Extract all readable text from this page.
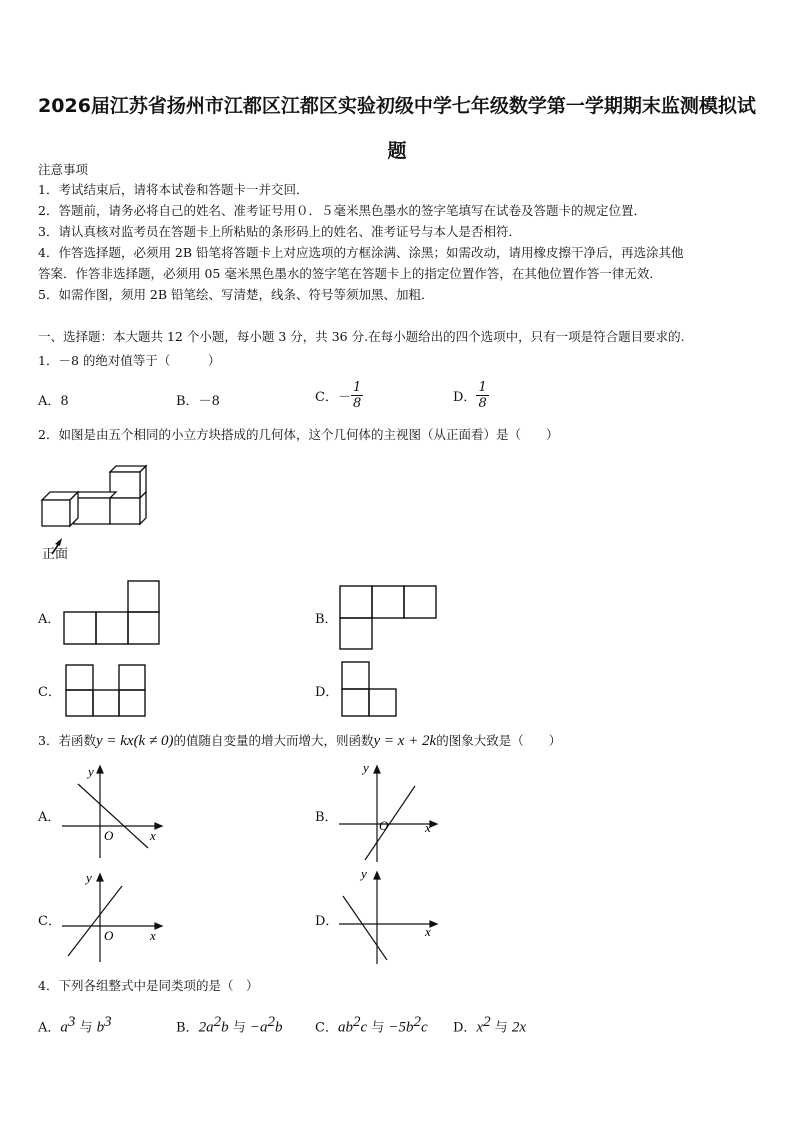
2026届江苏省扬州市江都区江都区实验初级中学七年级数学第一学期期末监测模拟试题
注意事项
1．考试结束后，请将本试卷和答题卡一并交回．
2．答题前，请务必将自己的姓名、准考证号用０．５毫米黑色墨水的签字笔填写在试卷及答题卡的规定位置．
3．请认真核对监考员在答题卡上所粘贴的条形码上的姓名、准考证号与本人是否相符．
4．作答选择题，必须用 2B 铅笔将答题卡上对应选项的方框涂满、涂黑；如需改动，请用橡皮擦干净后，再选涂其他
答案．作答非选择题，必须用 05 毫米黑色墨水的签字笔在答题卡上的指定位置作答，在其他位置作答一律无效．
5．如需作图，须用 2B 铅笔绘、写清楚，线条、符号等须加黑、加粗．
一、选择题：本大题共 12 个小题，每小题 3 分，共 36 分.在每小题给出的四个选项中，只有一项是符合题目要求的.
1．－8 的绝对值等于（　　　）
A．8	B．－8	C．－ $\frac{1}{8}$	D． $\frac{1}{8}$
2．如图是由五个相同的小立方块搭成的几何体，这个几何体的主视图（从正面看）是（　　）
正面
A．	B．
C．	D．
3．若函数y = kx(k ≠ 0)的值随自变量的增大而增大，则函数y = x + 2k的图象大致是（　　）
A．
y
x
O
B．
y
x
O
C．
y
x
O
D．
y
x
4．下列各组整式中是同类项的是（　）
A．$a^3$ 与 $b^3$	B．$2a^2b$ 与 $-a^2b$	C．$ab^2c$ 与 $-5b^2c$ D．$x^2$ 与 2x
